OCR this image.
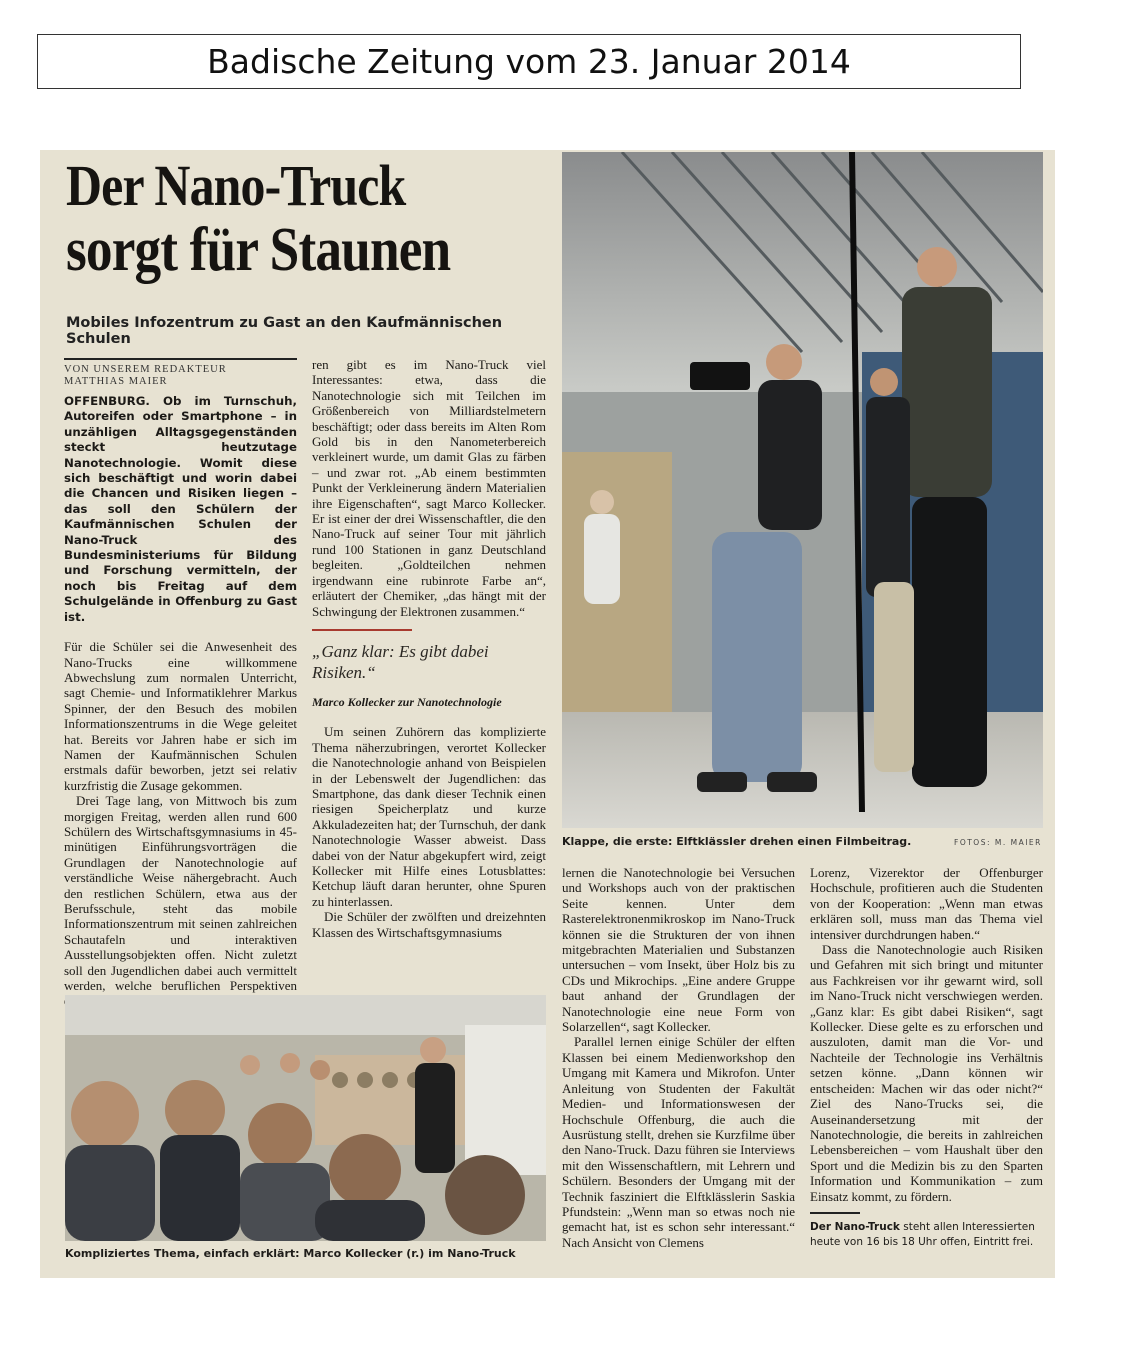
Badische Zeitung vom 23. Januar 2014
Der Nano-Truck
sorgt für Staunen
Mobiles Infozentrum zu Gast an den Kaufmännischen Schulen
VON UNSEREM REDAKTEUR
MATTHIAS MAIER
OFFENBURG. Ob im Turnschuh, Autoreifen oder Smartphone – in unzähligen Alltagsgegenständen steckt heutzutage Nanotechnologie. Womit diese sich beschäftigt und worin dabei die Chancen und Risiken liegen – das soll den Schülern der Kaufmännischen Schulen der Nano-Truck des Bundesministeriums für Bildung und Forschung vermitteln, der noch bis Freitag auf dem Schulgelände in Offenburg zu Gast ist.

Für die Schüler sei die Anwesenheit des Nano-Trucks eine willkommene Abwechslung zum normalen Unterricht, sagt Chemie- und Informatiklehrer Markus Spinner, der den Besuch des mobilen Informationszentrums in die Wege geleitet hat. Bereits vor Jahren habe er sich im Namen der Kaufmännischen Schulen erstmals dafür beworben, jetzt sei relativ kurzfristig die Zusage gekommen.

Drei Tage lang, von Mittwoch bis zum morgigen Freitag, werden allen rund 600 Schülern des Wirtschaftsgymnasiums in 45-minütigen Einführungsvorträgen die Grundlagen der Nanotechnologie auf verständliche Weise nähergebracht. Auch den restlichen Schülern, etwa aus der Berufsschule, steht das mobile Informationszentrum mit seinen zahlreichen Schautafeln und interaktiven Ausstellungsobjekten offen. Nicht zuletzt soll den Jugendlichen dabei auch vermittelt werden, welche beruflichen Perspektiven

ren gibt es im Nano-Truck viel Interessantes: etwa, dass die Nanotechnologie sich mit Teilchen im Größenbereich von Milliardstelmetern beschäftigt; oder dass bereits im Alten Rom Gold bis in den Nanometerbereich verkleinert wurde, um damit Glas zu färben – und zwar rot. „Ab einem bestimmten Punkt der Verkleinerung ändern Materialien ihre Eigenschaften“, sagt Marco Kollecker. Er ist einer der drei Wissenschaftler, die den Nano-Truck auf seiner Tour mit jährlich rund 100 Stationen in ganz Deutschland begleiten. „Goldteilchen nehmen irgendwann eine rubinrote Farbe an“, erläutert der Chemiker, „das hängt mit der Schwingung der Elektronen zusammen.“

„Ganz klar: Es gibt dabei Risiken.“
Marco Kollecker zur Nanotechnologie

Um seinen Zuhörern das komplizierte Thema näherzubringen, verortet Kollecker die Nanotechnologie anhand von Beispielen in der Lebenswelt der Jugendlichen: das Smartphone, das dank dieser Technik einen riesigen Speicherplatz und kurze Akkuladezeiten hat; der Turnschuh, der dank Nanotechnologie Wasser abweist. Dass dabei von der Natur abgekupfert wird, zeigt Kollecker mit Hilfe eines Lotusblattes: Ketchup läuft daran herunter, ohne Spuren zu hinterlassen.

Die Schüler der zwölften und dreizehnten Klassen des Wirtschaftsgymnasiums

Klappe, die erste: Elftklässler drehen einen Filmbeitrag.	FOTOS: M. MAIER

lernen die Nanotechnologie bei Versuchen und Workshops auch von der praktischen Seite kennen. Unter dem Rasterelektronenmikroskop im Nano-Truck können sie die Strukturen der von ihnen mitgebrachten Materialien und Substanzen untersuchen – vom Insekt, über Holz bis zu CDs und Mikrochips. „Eine andere Gruppe baut anhand der Grundlagen der Nanotechnologie eine neue Form von Solarzellen“, sagt Kollecker.

Parallel lernen einige Schüler der elften Klassen bei einem Medienworkshop den Umgang mit Kamera und Mikrofon. Unter Anleitung von Studenten der Fakultät Medien- und Informationswesen der Hochschule Offenburg, die auch die Ausrüstung stellt, drehen sie Kurzfilme über den Nano-Truck. Dazu führen sie Interviews mit den Wissenschaftlern, mit Lehrern und Schülern. Besonders der Umgang mit der Technik fasziniert die Elftklässlerin Saskia Pfundstein: „Wenn man so etwas noch nie gemacht hat, ist es schon sehr interessant.“ Nach Ansicht von Clemens

Lorenz, Vizerektor der Offenburger Hochschule, profitieren auch die Studenten von der Kooperation: „Wenn man etwas erklären soll, muss man das Thema viel intensiver durchdrungen haben.“

Dass die Nanotechnologie auch Risiken und Gefahren mit sich bringt und mitunter aus Fachkreisen vor ihr gewarnt wird, soll im Nano-Truck nicht verschwiegen werden. „Ganz klar: Es gibt dabei Risiken“, sagt Kollecker. Diese gelte es zu erforschen und auszuloten, damit man die Vor- und Nachteile der Technologie ins Verhältnis setzen könne. „Dann können wir entscheiden: Machen wir das oder nicht?“ Ziel des Nano-Trucks sei, die Auseinandersetzung mit der Nanotechnologie, die bereits in zahlreichen Lebensbereichen – vom Haushalt über den Sport und die Medizin bis zu den Sparten Information und Kommunikation – zum Einsatz kommt, zu fördern.

Der Nano-Truck steht allen Interessierten heute von 16 bis 18 Uhr offen, Eintritt frei.
Kompliziertes Thema, einfach erklärt: Marco Kollecker (r.) im Nano-Truck
